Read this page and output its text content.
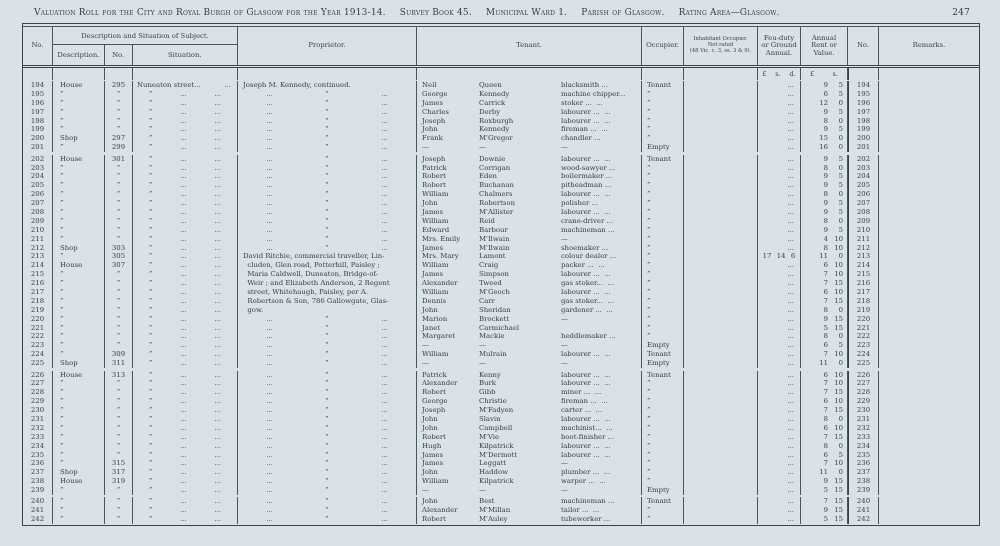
Valuation Roll for the City and Royal Burgh of Glasgow for the Year 1913-14. Survey Book 45. Municipal Ward 1. Parish of Glasgow. Rating Area—Glasgow.	247
No.
Description and Situation of Subject.
Description.	No.	Situation.
Proprietor.	Tenant.	Occupier.
Inhabitant Occupier.
Not rated
(48 Vic. c. 3, ss. 3 & 9).
Feu-duty
or Ground
Annual.
Annual
Rent or
Value.
No.	Remarks.
£ s. d. £	s.
194	House	295	Nuneaton street...	...	Joseph M. Kennedy, continued.	Neil	Queen	blacksmith ...	Tenant	...	9	5	194
195	”	”	”	...	...	...	”	...	George	Kennedy	machine chipper...	”	...	6	5	195
196	”	”	”	...	...	...	”	...	James	Carrick	stoker ...  ...	”	...	12	0	196
197	”	”	”	...	...	...	”	...	Charles	Derby	labourer ...  ...	”	...	9	5	197
198	”	”	”	...	...	...	”	...	Joseph	Roxburgh	labourer ...  ...	”	...	8	0	198
199	”	”	”	...	...	...	”	...	John	Kennedy	fireman ...  ...	”	...	9	5	199
200	Shop	297	”	...	...	...	”	...	Frank	M'Gregor	chandler ...	”	...	15	0	200
201	”	299	”	...	...	...	”	...	—	—	—	Empty	...	16	0	201
202	House	301	”	...	...	...	”	...	Joseph	Downie	labourer ...  ...	Tenant	...	9	5	202
203	”	”	”	...	...	...	”	...	Patrick	Corrigan	wood-sawyer ...	”	...	8	0	203
204	”	”	”	...	...	...	”	...	Robert	Eden	boilermaker ...	”	...	9	5	204
205	”	”	”	...	...	...	”	...	Robert	Buchanan	pitheadman ...	”	...	9	5	205
206	”	”	”	...	...	...	”	...	William	Chalmers	labourer ...  ...	”	...	8	0	206
207	”	”	”	...	...	...	”	...	John	Robertson	polisher ...	”	...	9	5	207
208	”	”	”	...	...	...	”	...	James	M'Allister	labourer ...  ...	”	...	9	5	208
209	”	”	”	...	...	...	”	...	William	Reid	crane-driver ...	”	...	8	0	209
210	”	”	”	...	...	...	”	...	Edward	Barbour	machineman ...	”	...	9	5	210
211	”	”	”	...	...	...	”	...	Mrs. Emily	M'Ilwain	—	”	...	4 10	211
212	Shop	303	”	...	...	...	”	...	James	M'Ilwain	shoemaker ...	”	...	8 10	212
213	”	305	”	...	...	David Ritchie, commercial traveller, Lin-	Mrs. Mary	Lamont	colour dealer ...	”	17 14 6	11	0	213
214	House	307	”	...	...	cluden, Glen road, Potterhill, Paisley ;	William	Craig	packer ...  ...	”	...	6 10	214
215	”	”	”	...	...	Maria Caldwell, Duneaton, Bridge-of-	James	Simpson	labourer ...  ...	”	...	7 10	215
216	”	”	”	...	...	Weir ; and Elizabeth Anderson, 2 Regent	Alexander	Tweed	gas stoker...  ...	”	...	7 15	216
217	”	”	”	...	...	street, Whitehaugh, Paisley, per A.	William	M'Geoch	labourer ...  ...	”	...	6 10	217
218	”	”	”	...	...	Robertson & Son, 786 Gallowgate, Glas-	Dennis	Carr	gas stoker...  ...	”	...	7 15	218
219	”	”	”	...	...	gow.	John	Sheridan	gardener ...  ...	”	...	8	0	219
220	”	”	”	...	...	...	”	...	Marion	Brockett	—	”	...	9 15	220
221	”	”	”	...	...	...	”	...	Janet	Carmichael	”	...	5 15	221
222	”	”	”	...	...	...	”	...	Margaret	Mackie	heddlemaker ...	”	...	8	0	222
223	”	”	”	...	...	...	”	...	—	—	—	Empty	...	6	5	223
224	”	309	”	...	...	...	”	...	William	Mulrain	labourer ...  ...	Tenant	...	7 10	224
225	Shop	311	”	...	...	...	”	...	—	—	—	Empty	...	11	0	225
226	House	313	”	...	...	...	”	...	Patrick	Kenny	labourer ...  ...	Tenant	...	6 10	226
227	”	”	”	...	...	...	”	...	Alexander	Burk	labourer ...  ...	”	...	7 10	227
228	”	”	”	...	...	...	”	...	Robert	Gibb	miner ...  ...	”	...	7 15	228
229	”	”	”	...	...	...	”	...	George	Christie	fireman ...  ...	”	...	6 10	229
230	”	”	”	...	...	...	”	...	Joseph	M'Fadyen	carter ...  ...	”	...	7 15	230
231	”	”	”	...	...	...	”	...	John	Slavin	labourer ...  ...	”	...	8	0	231
232	”	”	”	...	...	...	”	...	John	Campbell	machinist...  ...	”	...	6 10	232
233	”	”	”	...	...	...	”	...	Robert	M'Vie	boot-finisher ...	”	...	7 15	233
234	”	”	”	...	...	...	”	...	Hugh	Kilpatrick	labourer ...  ...	”	...	8	0	234
235	”	”	”	...	...	...	”	...	James	M'Dermott	labourer ...  ...	”	...	6	5	235
236	”	315	”	...	...	...	”	...	James	Leggatt	—	”	...	7 10	236
237	Shop	317	”	...	...	...	”	...	John	Haddow	plumber ...  ...	”	...	11	0	237
238	House	319	”	...	...	...	”	...	William	Kilpatrick	warper ...  ...	”	...	9 15	238
239	”	”	”	...	...	...	”	...	—	—	—	Empty	...	5 15	239
240	”	”	”	...	...	...	”	...	John	Best	machineman ...	Tenant	...	7 15	240
241	”	”	”	...	...	...	”	...	Alexander	M'Millan	tailor ...  ...	”	...	9 15	241
242	”	”	”	...	...	...	”	...	Robert	M'Auley	tubeworker ...	”	...	5 15	242
